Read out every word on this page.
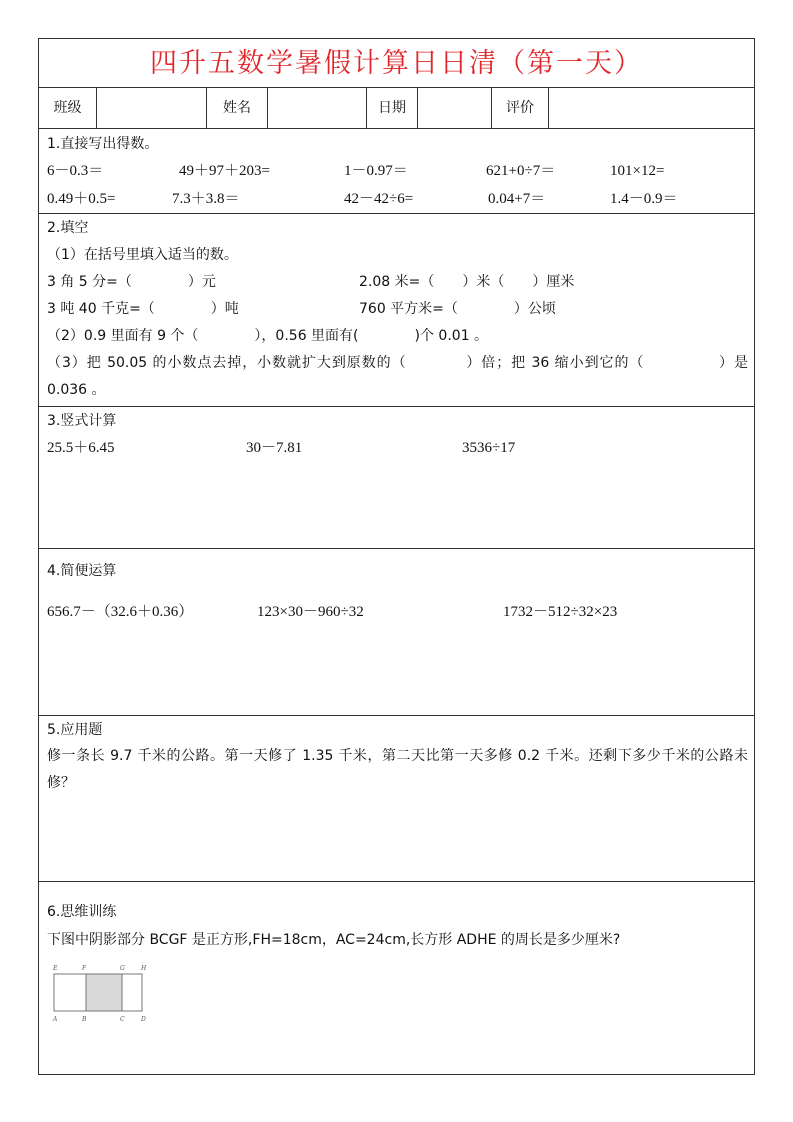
四升五数学暑假计算日日清（第一天）
班级	姓名	日期	评价
1.直接写出得数。
6－0.3＝	49＋97＋203=	1－0.97＝	621+0÷7＝	101×12=
0.49＋0.5=	7.3＋3.8＝	42－42÷6=	0.04+7＝	1.4－0.9＝
2.填空
（1）在括号里填入适当的数。
3 角 5 分=（　　　　）元	2.08 米=（　　）米（　　）厘米
3 吨 40 千克=（　　　　）吨	760 平方米=（　　　　）公顷
（2）0.9 里面有 9 个（　　　　），0.56 里面有(　　　　)个 0.01 。
（3）把 50.05 的小数点去掉，小数就扩大到原数的（　　　　）倍；把 36 缩小到它的（　　　　　）是 0.036 。
3.竖式计算
25.5＋6.45	30－7.81	3536÷17
4.简便运算
656.7－（32.6＋0.36）	123×30－960÷32	1732－512÷32×23
5.应用题
修一条长 9.7 千米的公路。第一天修了 1.35 千米，第二天比第一天多修 0.2 千米。还剩下多少千米的公路未修？
6.思维训练
下图中阴影部分 BCGF 是正方形,FH=18cm，AC=24cm,长方形 ADHE 的周长是多少厘米?
E	F	G	H
A	B	C	D
